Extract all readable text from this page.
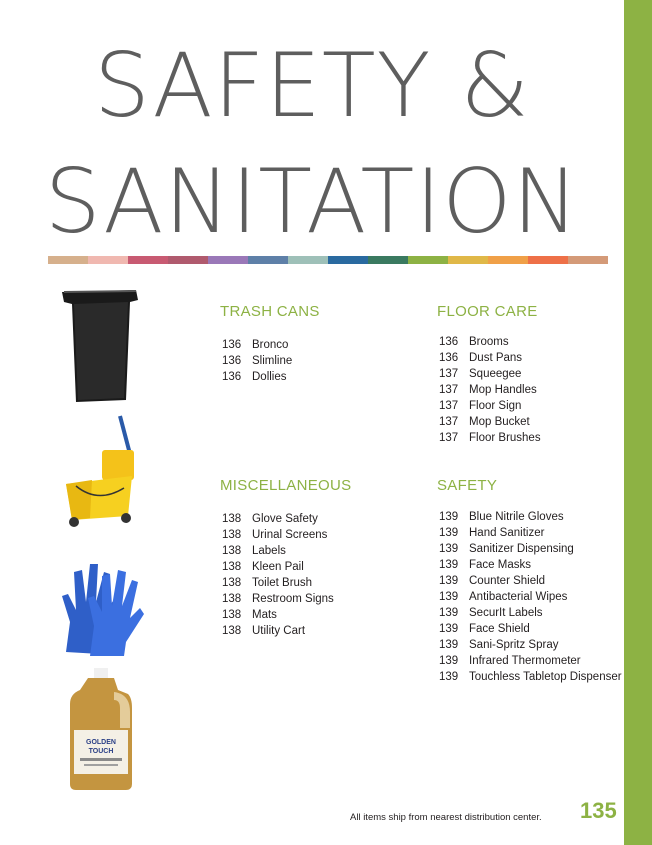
SAFETY &
SANITATION
GOLDEN
TOUCH
TRASH CANS
136 Bronco
136 Slimline
136 Dollies
FLOOR CARE
136 Brooms
136 Dust Pans
137 Squeegee
137 Mop Handles
137 Floor Sign
137 Mop Bucket
137 Floor Brushes
MISCELLANEOUS
138 Glove Safety
138 Urinal Screens
138 Labels
138 Kleen Pail
138 Toilet Brush
138 Restroom Signs
138 Mats
138 Utility Cart
SAFETY
139 Blue Nitrile Gloves
139 Hand Sanitizer
139 Sanitizer Dispensing
139 Face Masks
139 Counter Shield
139 Antibacterial Wipes
139 SecurIt Labels
139 Face Shield
139 Sani-Spritz Spray
139 Infrared Thermometer
139 Touchless Tabletop Dispenser
All items ship from nearest distribution center. 135
